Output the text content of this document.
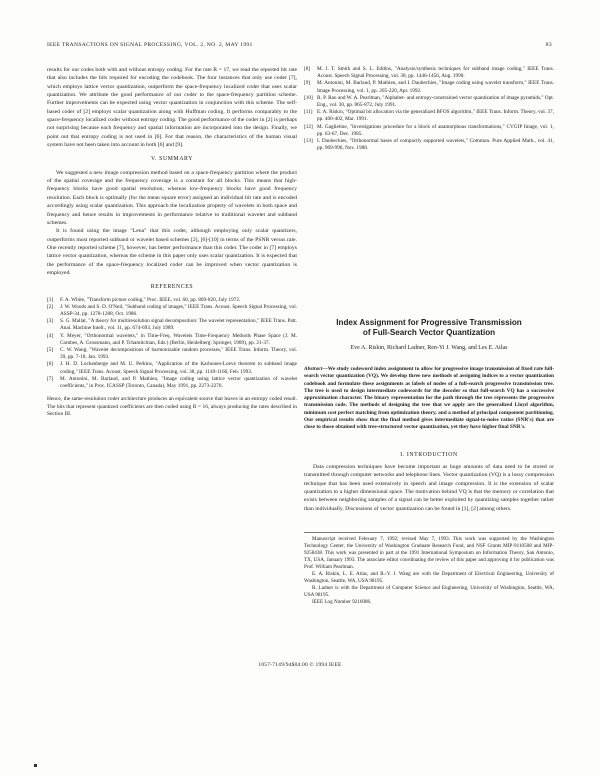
IEEE TRANSACTIONS ON SIGNAL PROCESSING, VOL. 2, NO. 2, MAY 1991	83

results for our codes both with and without entropy coding. For the rate R = 17, we read the reported bit rate that also includes the bits required for encoding the codebook. The four instances that only use coder [7], which employs lattice vector quantization, outperform the space-frequency localized coder that uses scalar quantization. We attribute the good performance of our coder to the space-frequency partition scheme. Further improvements can be expected using vector quantization in conjunction with this scheme. The self-based coder of [2] employs scalar quantization along with Huffman coding. It performs comparably to the space-frequency localized coder without entropy coding. The good performance of the coder in [2] is perhaps not surprising because each frequency and spatial information are incorporated into the design. Finally, we point out that entropy coding is not used in [6]. For that reason, the characteristics of the human visual system have not been taken into account in both [6] and [9].

V. SUMMARY

We suggested a new image compression method based on a space-frequency partition where the product of the spatial coverage and the frequency coverage is a constant for all blocks. This means that high-frequency blocks have good spatial resolution, whereas low-frequency blocks have good frequency resolution. Each block is optimally (for the mean square error) assigned an individual bit rate and is encoded accordingly using scalar quantization. This approach the localization property of wavelets in both space and frequency and hence results in improvements in performance relative to traditional wavelet and subband schemes.

It is found using the image "Lena" that this coder, although employing only scalar quantizers, outperforms most reported subband or wavelet based schemes [2], [6]-[10] in terms of the PSNR versus rate. One recently reported scheme [7], however, has better performance than this coder. The coder in [7] employs lattice vector quantization, whereas the scheme in this paper only uses scalar quantization. It is expected that the performance of the space-frequency localized coder can be improved when vector quantization is employed.

REFERENCES
[1] F. A. White, "Transform picture coding," Proc. IEEE, vol. 60, pp. 809-820, July 1972.
[2] J. W. Woods and S. D. O'Neil, "Subband coding of images," IEEE Trans. Acoust. Speech Signal Processing, vol. ASSP-34, pp. 1278-1288, Oct. 1986.
[3] S. G. Mallat, "A theory for multiresolution signal decomposition: The wavelet representation," IEEE Trans. Patt. Anal. Machine Intell., vol. 11, pp. 674-693, July 1989.
[4] Y. Meyer, "Orthonormal wavelets," in Time-Freq. Wavelets Time-Frequency Methods Phase Space (J. M. Combes, A. Grossmann, and P. Tchamitchian, Eds.) (Berlin, Heidelberg: Springer, 1989), pp. 21-37.
[5] C. W. Wang, "Wavelet decompositions of harmonizable random processes," IEEE Trans. Inform. Theory, vol. 39, pp. 7-18, Jan. 1993.
[6] J. H. D. Lockenberge and M. U. Perkins, "Application of the Karhunen-Loeve theorem to subband image coding," IEEE Trans. Acoust. Speech Signal Processing, vol. 38, pp. 1149-1166, Feb. 1993.
[7] M. Antonini, M. Barlaud, and P. Mathieu, "Image coding using lattice vector quantization of wavelet coefficients," in Proc. ICASSP (Toronto, Canada), May 1991, pp. 2273-2276.

Hence, the same-resolution coder architecture produces an equivalent source that leaves in an entropy coded result. The bits that represent quantized coefficients are then coded using R = 16, always producing the rates described in Section III.

[8] M. J. T. Smith and S. L. Eddins, "Analysis/synthesis techniques for subband image coding," IEEE Trans. Acoust. Speech Signal Processing, vol. 38, pp. 1446-1456, Aug. 1990.
[9] M. Antonini, M. Barlaud, P. Mathieu, and I. Daubechies, "Image coding using wavelet transform," IEEE Trans. Image Processing, vol. 1, pp. 205-220, Apr. 1992.
[10] R. P. Rao and W. A. Pearlman, "Alphabet- and entropy-constrained vector quantization of image pyramids," Opt. Eng., vol. 30, pp. 865-872, July 1991.
[11] E. A. Riskin, "Optimal bit allocation via the generalized BFOS algorithm," IEEE Trans. Inform. Theory, vol. 37, pp. 400-402, Mar. 1991.
[12] M. Gaglietine, "Investigations procedure for a block of anamorphous transformations," CVGIP Image, vol. 1, pp. 63-67, Dec. 1985.
[13] I. Daubechies, "Orthonormal bases of compactly supported wavelets," Commun. Pure Applied Math., vol. 41, pp. 909-996, Nov. 1988.
Index Assignment for Progressive Transmission
of Full-Search Vector Quantization
Eve A. Riskin, Richard Ladner, Ren-Yi J. Wang, and Les E. Atlas
Abstract—We study codeword index assignment to allow for progressive image transmission of fixed rate full-search vector quantization (VQ). We develop three new methods of assigning indices to a vector quantization codebook and formulate these assignments as labels of nodes of a full-search progressive transmission tree. The tree is used to design intermediate codewords for the decoder so that full-search VQ has a successive approximation character. The binary representation for the path through the tree represents the progressive transmission code. The methods of designing the tree that we apply are the generalized Lloyd algorithm, minimum cost perfect matching from optimization theory, and a method of principal component partitioning. Our empirical results show that the final method gives intermediate signal-to-noise ratios (SNR's) that are close to those obtained with tree-structured vector quantization, yet they have higher final SNR's.
I. INTRODUCTION

Data compression techniques have become important as huge amounts of data need to be stored or transmitted through computer networks and telephone lines. Vector quantization (VQ) is a lossy compression technique that has been used extensively in speech and image compression. It is the extension of scalar quantization to a higher dimensional space. The motivation behind VQ is that the memory or correlation that exists between neighboring samples of a signal can be better exploited by quantizing samples together rather than individually. Discussions of vector quantization can be found in [1], [2] among others.

Manuscript received February 7, 1992; revised May 7, 1993. This work was supported by the Washington Technology Center, the University of Washington Graduate Research Fund, and NSF Grants MIP-9110508 and MIP-9258438. This work was presented in part at the 1991 International Symposium on Information Theory, San Antonio, TX, USA, January 1993. The associate editor coordinating the review of this paper and approving it for publication was Prof. William Pearlman.

E. A. Riskin, L. E. Atlas, and R.-Y. J. Wang are with the Department of Electrical Engineering, University of Washington, Seattle, WA, USA 98195.

R. Ladner is with the Department of Computer Science and Engineering, University of Washington, Seattle, WA, USA 98195.

IEEE Log Number 9216986.

1057-7149/94$04.00 © 1994 IEEE
